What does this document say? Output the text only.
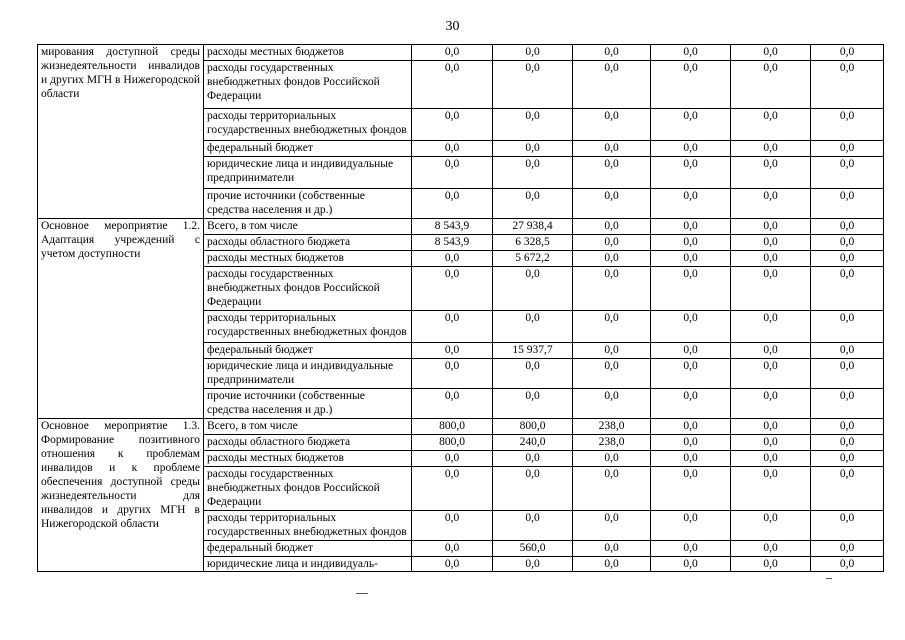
30
мирования доступной среды жизнедеятельности инвалидов и других МГН в Нижегородской области	расходы местных бюджетов	0,0	0,0	0,0	0,0	0,0	0,0
	расходы государственных внебюджетных фондов Российской Федерации	0,0	0,0	0,0	0,0	0,0	0,0
	расходы территориальных государственных внебюджетных фондов	0,0	0,0	0,0	0,0	0,0	0,0
	федеральный бюджет	0,0	0,0	0,0	0,0	0,0	0,0
	юридические лица и индивидуальные предприниматели	0,0	0,0	0,0	0,0	0,0	0,0
	прочие источники (собственные средства населения и др.)	0,0	0,0	0,0	0,0	0,0	0,0
Основное мероприятие 1.2. Адаптация учреждений с учетом доступности	Всего, в том числе	8 543,9	27 938,4	0,0	0,0	0,0	0,0
	расходы областного бюджета	8 543,9	6 328,5	0,0	0,0	0,0	0,0
	расходы местных бюджетов	0,0	5 672,2	0,0	0,0	0,0	0,0
	расходы государственных внебюджетных фондов Российской Федерации	0,0	0,0	0,0	0,0	0,0	0,0
	расходы территориальных государственных внебюджетных фондов	0,0	0,0	0,0	0,0	0,0	0,0
	федеральный бюджет	0,0	15 937,7	0,0	0,0	0,0	0,0
	юридические лица и индивидуальные предприниматели	0,0	0,0	0,0	0,0	0,0	0,0
	прочие источники (собственные средства населения и др.)	0,0	0,0	0,0	0,0	0,0	0,0
Основное мероприятие 1.3. Формирование позитивного отношения к проблемам инвалидов и к проблеме обеспечения доступной среды жизнедеятельности для инвалидов и других МГН в Нижегородской области	Всего, в том числе	800,0	800,0	238,0	0,0	0,0	0,0
	расходы областного бюджета	800,0	240,0	238,0	0,0	0,0	0,0
	расходы местных бюджетов	0,0	0,0	0,0	0,0	0,0	0,0
	расходы государственных внебюджетных фондов Российской Федерации	0,0	0,0	0,0	0,0	0,0	0,0
	расходы территориальных государственных внебюджетных фондов	0,0	0,0	0,0	0,0	0,0	0,0
	федеральный бюджет	0,0	560,0	0,0	0,0	0,0	0,0
	юридические лица и индивидуаль-	0,0	0,0	0,0	0,0	0,0	0,0
